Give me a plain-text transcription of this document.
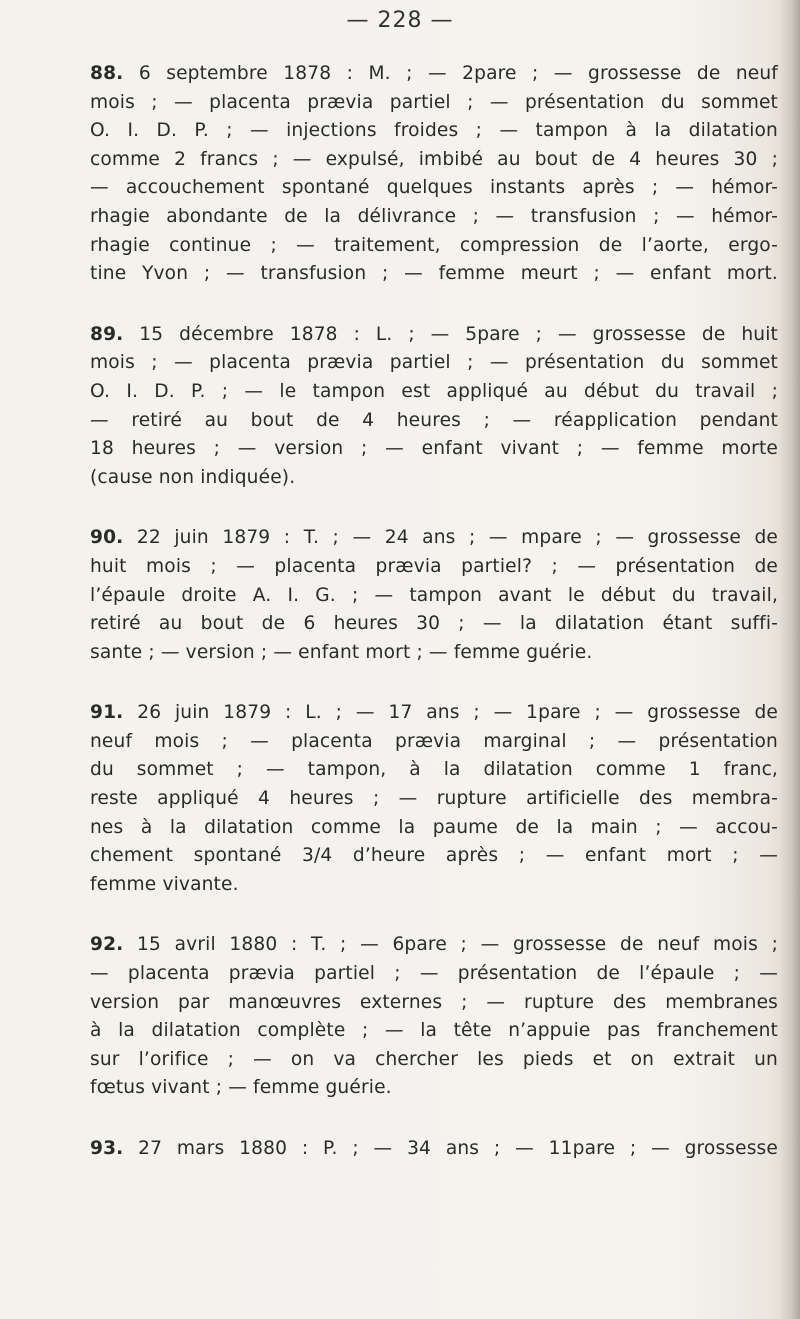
— 228 —
88. 6 septembre 1878 : M. ; — 2pare ; — grossesse de neuf
mois ; — placenta prævia partiel ; — présentation du sommet
O. I. D. P. ; — injections froides ; — tampon à la dilatation
comme 2 francs ; — expulsé, imbibé au bout de 4 heures 30 ;
— accouchement spontané quelques instants après ; — hémor-
rhagie abondante de la délivrance ; — transfusion ; — hémor-
rhagie continue ; — traitement, compression de l’aorte, ergo-
tine Yvon ; — transfusion ; — femme meurt ; — enfant mort.
89. 15 décembre 1878 : L. ; — 5pare ; — grossesse de huit
mois ; — placenta prævia partiel ; — présentation du sommet
O. I. D. P. ; — le tampon est appliqué au début du travail ;
— retiré au bout de 4 heures ; — réapplication pendant
18 heures ; — version ; — enfant vivant ; — femme morte
(cause non indiquée).
90. 22 juin 1879 : T. ; — 24 ans ; — mpare ; — grossesse de
huit mois ; — placenta prævia partiel? ; — présentation de
l’épaule droite A. I. G. ; — tampon avant le début du travail,
retiré au bout de 6 heures 30 ; — la dilatation étant suffi-
sante ; — version ; — enfant mort ; — femme guérie.
91. 26 juin 1879 : L. ; — 17 ans ; — 1pare ; — grossesse de
neuf mois ; — placenta prævia marginal ; — présentation
du sommet ; — tampon, à la dilatation comme 1 franc,
reste appliqué 4 heures ; — rupture artificielle des membra-
nes à la dilatation comme la paume de la main ; — accou-
chement spontané 3/4 d’heure après ; — enfant mort ; —
femme vivante.
92. 15 avril 1880 : T. ; — 6pare ; — grossesse de neuf mois ;
— placenta prævia partiel ; — présentation de l’épaule ; —
version par manœuvres externes ; — rupture des membranes
à la dilatation complète ; — la tête n’appuie pas franchement
sur l’orifice ; — on va chercher les pieds et on extrait un
fœtus vivant ; — femme guérie.
93. 27 mars 1880 : P. ; — 34 ans ; — 11pare ; — grossesse
